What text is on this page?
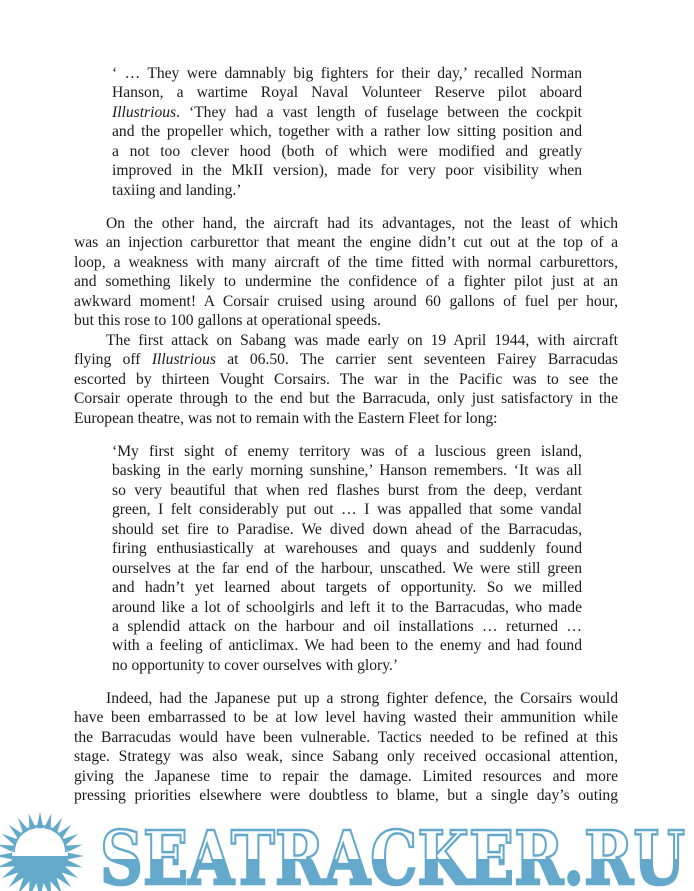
‘ … They were damnably big fighters for their day,’ recalled Norman
Hanson, a wartime Royal Naval Volunteer Reserve pilot aboard
Illustrious. ‘They had a vast length of fuselage between the cockpit
and the propeller which, together with a rather low sitting position and
a not too clever hood (both of which were modified and greatly
improved in the MkII version), made for very poor visibility when
taxiing and landing.’
On the other hand, the aircraft had its advantages, not the least of which
was an injection carburettor that meant the engine didn’t cut out at the top of a
loop, a weakness with many aircraft of the time fitted with normal carburettors,
and something likely to undermine the confidence of a fighter pilot just at an
awkward moment! A Corsair cruised using around 60 gallons of fuel per hour,
but this rose to 100 gallons at operational speeds.
The first attack on Sabang was made early on 19 April 1944, with aircraft
flying off Illustrious at 06.50. The carrier sent seventeen Fairey Barracudas
escorted by thirteen Vought Corsairs. The war in the Pacific was to see the
Corsair operate through to the end but the Barracuda, only just satisfactory in the
European theatre, was not to remain with the Eastern Fleet for long:
‘My first sight of enemy territory was of a luscious green island,
basking in the early morning sunshine,’ Hanson remembers. ‘It was all
so very beautiful that when red flashes burst from the deep, verdant
green, I felt considerably put out … I was appalled that some vandal
should set fire to Paradise. We dived down ahead of the Barracudas,
firing enthusiastically at warehouses and quays and suddenly found
ourselves at the far end of the harbour, unscathed. We were still green
and hadn’t yet learned about targets of opportunity. So we milled
around like a lot of schoolgirls and left it to the Barracudas, who made
a splendid attack on the harbour and oil installations … returned …
with a feeling of anticlimax. We had been to the enemy and had found
no opportunity to cover ourselves with glory.’
Indeed, had the Japanese put up a strong fighter defence, the Corsairs would
have been embarrassed to be at low level having wasted their ammunition while
the Barracudas would have been vulnerable. Tactics needed to be refined at this
stage. Strategy was also weak, since Sabang only received occasional attention,
giving the Japanese time to repair the damage. Limited resources and more
pressing priorities elsewhere were doubtless to blame, but a single day’s outing
SEATRACKER.RU
